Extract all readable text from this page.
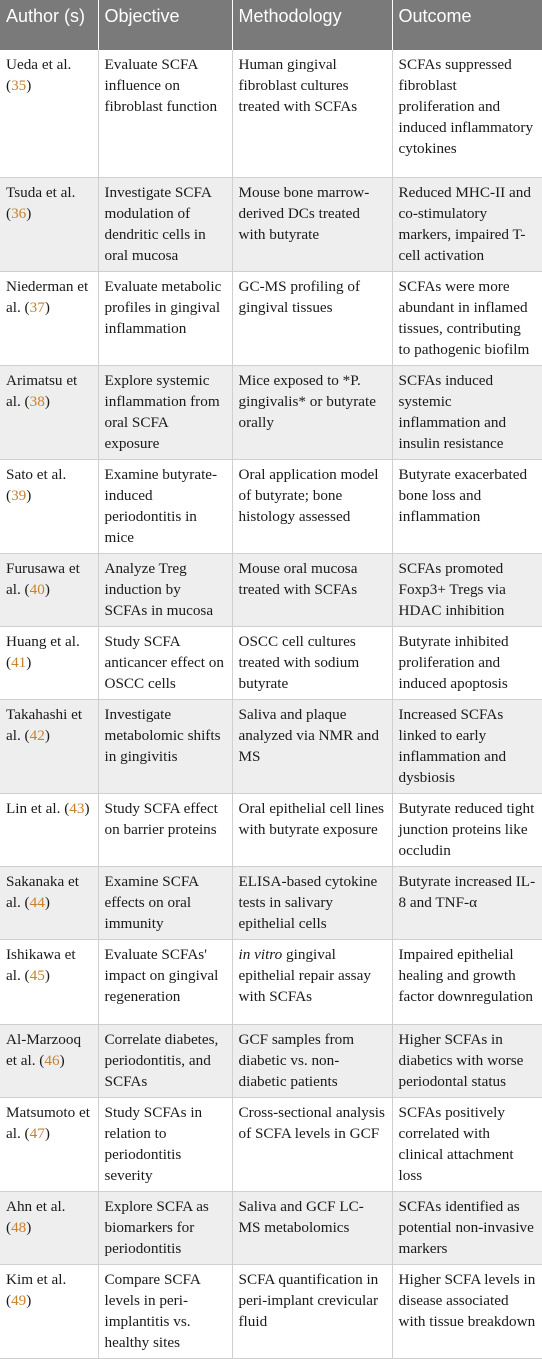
Author (s)	Objective	Methodology	Outcome
Ueda et al. (35)	Evaluate SCFA influence on fibroblast function	Human gingival fibroblast cultures treated with SCFAs	SCFAs suppressed fibroblast proliferation and induced inflammatory cytokines
Tsuda et al. (36)	Investigate SCFA modulation of dendritic cells in oral mucosa	Mouse bone marrow-derived DCs treated with butyrate	Reduced MHC-II and co-stimulatory markers, impaired T-cell activation
Niederman et al. (37)	Evaluate metabolic profiles in gingival inflammation	GC-MS profiling of gingival tissues	SCFAs were more abundant in inflamed tissues, contributing to pathogenic biofilm
Arimatsu et al. (38)	Explore systemic inflammation from oral SCFA exposure	Mice exposed to *P. gingivalis* or butyrate orally	SCFAs induced systemic inflammation and insulin resistance
Sato et al. (39)	Examine butyrate-induced periodontitis in mice	Oral application model of butyrate; bone histology assessed	Butyrate exacerbated bone loss and inflammation
Furusawa et al. (40)	Analyze Treg induction by SCFAs in mucosa	Mouse oral mucosa treated with SCFAs	SCFAs promoted Foxp3+ Tregs via HDAC inhibition
Huang et al. (41)	Study SCFA anticancer effect on OSCC cells	OSCC cell cultures treated with sodium butyrate	Butyrate inhibited proliferation and induced apoptosis
Takahashi et al. (42)	Investigate metabolomic shifts in gingivitis	Saliva and plaque analyzed via NMR and MS	Increased SCFAs linked to early inflammation and dysbiosis
Lin et al. (43)	Study SCFA effect on barrier proteins	Oral epithelial cell lines with butyrate exposure	Butyrate reduced tight junction proteins like occludin
Sakanaka et al. (44)	Examine SCFA effects on oral immunity	ELISA-based cytokine tests in salivary epithelial cells	Butyrate increased IL-8 and TNF-α
Ishikawa et al. (45)	Evaluate SCFAs' impact on gingival regeneration	in vitro gingival epithelial repair assay with SCFAs	Impaired epithelial healing and growth factor downregulation
Al-Marzooq et al. (46)	Correlate diabetes, periodontitis, and SCFAs	GCF samples from diabetic vs. non-diabetic patients	Higher SCFAs in diabetics with worse periodontal status
Matsumoto et al. (47)	Study SCFAs in relation to periodontitis severity	Cross-sectional analysis of SCFA levels in GCF	SCFAs positively correlated with clinical attachment loss
Ahn et al. (48)	Explore SCFA as biomarkers for periodontitis	Saliva and GCF LC-MS metabolomics	SCFAs identified as potential non-invasive markers
Kim et al. (49)	Compare SCFA levels in peri-implantitis vs. healthy sites	SCFA quantification in peri-implant crevicular fluid	Higher SCFA levels in disease associated with tissue breakdown
